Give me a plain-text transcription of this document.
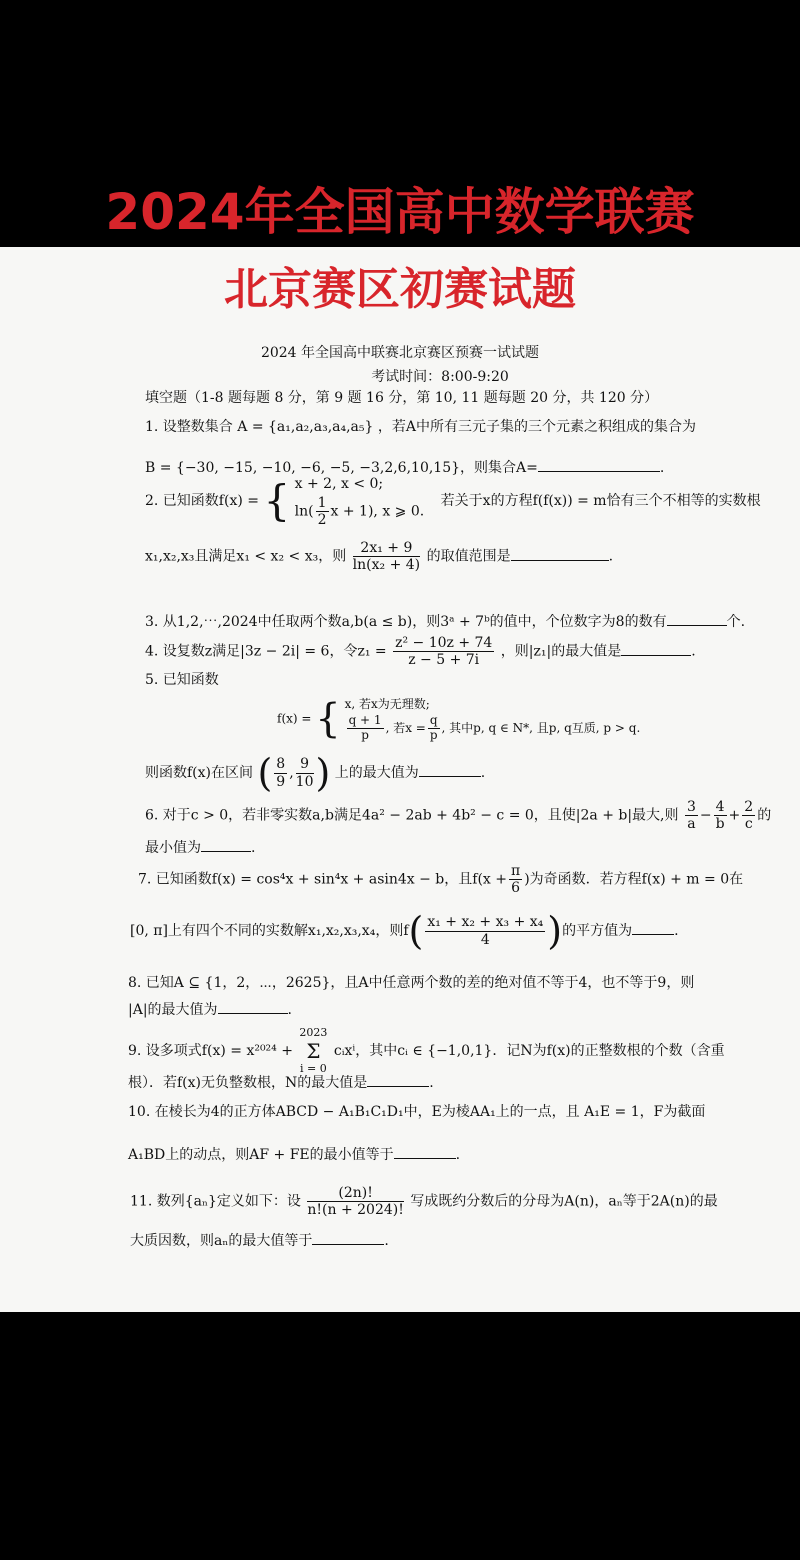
2024年全国高中数学联赛
北京赛区初赛试题
2024 年全国高中联赛北京赛区预赛一试试题
考试时间：8:00-9:20
填空题（1-8 题每题 8 分，第 9 题 16 分，第 10, 11 题每题 20 分，共 120 分）
1. 设整数集合 A = {a₁,a₂,a₃,a₄,a₅} ，若A中所有三元子集的三个元素之积组成的集合为
B = {−30, −15, −10, −6, −5, −3,2,6,10,15}，则集合A=	.
2. 已知函数f(x) = { x + 2, x < 0;
$\ln( \frac{1}{2}$ x + 1), x ⩾ 0.
若关于x的方程f(f(x)) = m恰有三个不相等的实数根
x₁,x₂,x₃且满足x₁ < x₂ < x₃，则 $\frac{\text{2x₁ + 9}}{\text{ln(x₂ + 4)}}$ 的取值范围是	.
3. 从1,2,⋯,2024中任取两个数a,b(a ≤ b)，则3ᵃ + 7ᵇ的值中，个位数字为8的数有	个.
4. 设复数z满足|3z − 2i| = 6，令$z_1 = \frac{\text{z² − 10z + 74}}{z - 5 + 7i}$ ，则|z₁|的最大值是	.
5. 已知函数
f(x) = { x, 若x为无理数;
$\frac{q + 1}{p}$ , 若$x = \frac{q}{p}$ , 其中p, q ∈ N*, 且p, q互质, p > q.
则函数f(x)在区间 ( $\frac{8}{9}$ , $\frac{9}{10}$ ) 上的最大值为	.
6. 对于c > 0，若非零实数a,b满足4a² − 2ab + 4b² − c = 0，且使|2a + b|最大,则 $\frac{3}{a} - \frac{4}{b} + \frac{2}{c}$ 的
最小值为	.
7. 已知函数f(x) = cos⁴x + sin⁴x + asin4x − b，且$f(x + \frac{\pi}{6}$ )为奇函数．若方程f(x) + m = 0在
[0, π]上有四个不同的实数解x₁,x₂,x₃,x₄，则$f( \frac{\text{x₁ + x₂ + x₃ + x₄}}{4}$ )的平方值为	.
8. 已知A ⊆ {1，2，⋯，2625}，且A中任意两个数的差的绝对值不等于4，也不等于9，则
|A|的最大值为	.
9. 设多项式f(x) = x²⁰²⁴ +
2023
Σ
i = 0
cᵢxⁱ，其中cᵢ ∈ {−1,0,1}．记N为f(x)的正整数根的个数（含重
根）．若f(x)无负整数根，N的最大值是	.
10. 在棱长为4的正方体ABCD − A₁B₁C₁D₁中，E为棱AA₁上的一点，且 A₁E = 1，F为截面
A₁BD上的动点，则AF + FE的最小值等于	.
11. 数列{aₙ}定义如下：设 $\frac{(2n)!}{n!(n + 2024)!}$ 写成既约分数后的分母为A(n)，aₙ等于2A(n)的最
大质因数，则aₙ的最大值等于	.
